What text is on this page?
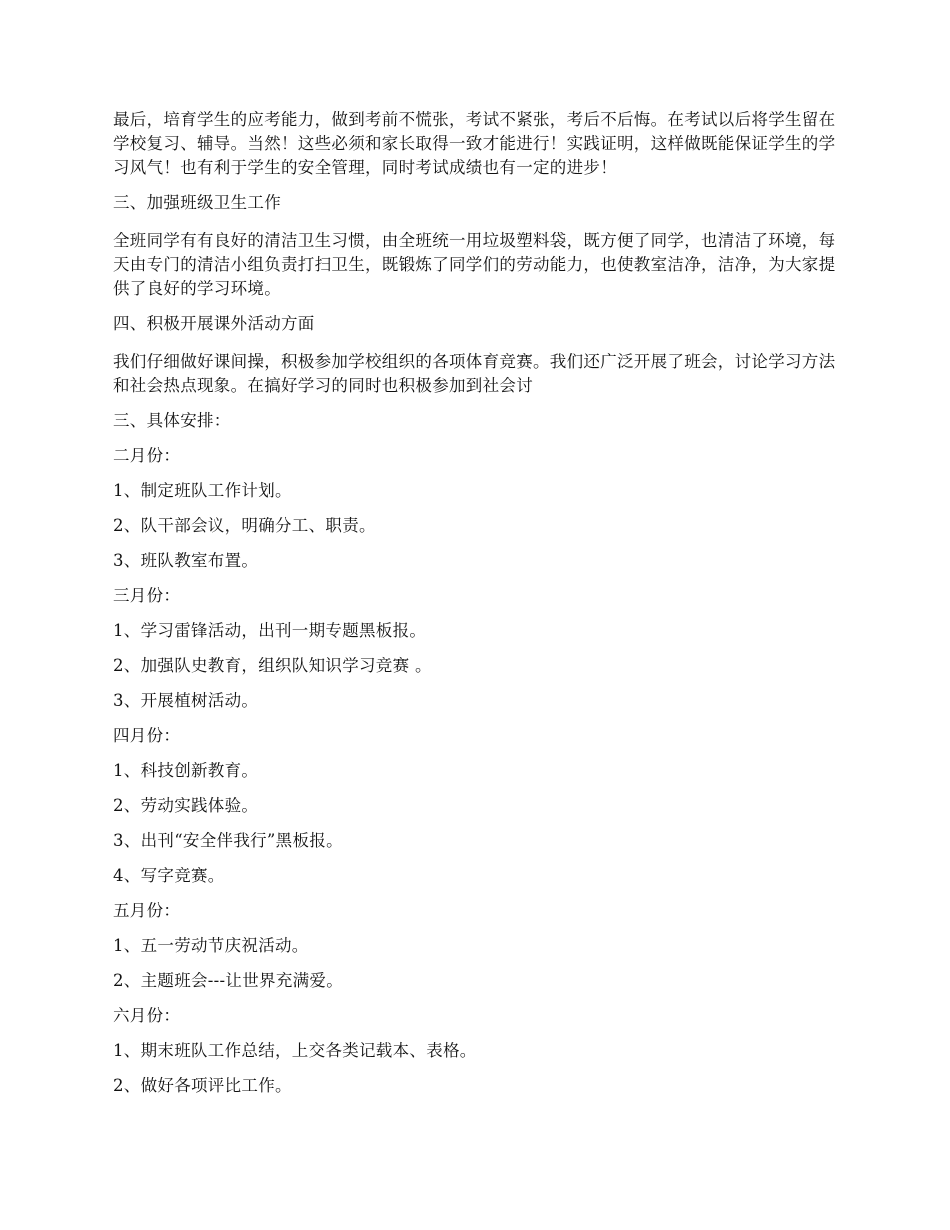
最后，培育学生的应考能力，做到考前不慌张，考试不紧张，考后不后悔。在考试以后将学生留在学校复习、辅导。当然！这些必须和家长取得一致才能进行！实践证明，这样做既能保证学生的学习风气！也有利于学生的安全管理，同时考试成绩也有一定的进步！

三、加强班级卫生工作

全班同学有有良好的清洁卫生习惯，由全班统一用垃圾塑料袋，既方便了同学，也清洁了环境，每天由专门的清洁小组负责打扫卫生，既锻炼了同学们的劳动能力，也使教室洁净，洁净，为大家提供了良好的学习环境。

四、积极开展课外活动方面

我们仔细做好课间操，积极参加学校组织的各项体育竞赛。我们还广泛开展了班会，讨论学习方法和社会热点现象。在搞好学习的同时也积极参加到社会讨

三、具体安排：

二月份：

1、制定班队工作计划。

2、队干部会议，明确分工、职责。

3、班队教室布置。

三月份：

1、学习雷锋活动，出刊一期专题黑板报。

2、加强队史教育，组织队知识学习竞赛 。

3、开展植树活动。

四月份：

1、科技创新教育。

2、劳动实践体验。

3、出刊“安全伴我行”黑板报。

4、写字竞赛。

五月份：

1、五一劳动节庆祝活动。

2、主题班会---让世界充满爱。

六月份：

1、期末班队工作总结，上交各类记载本、表格。

2、做好各项评比工作。
